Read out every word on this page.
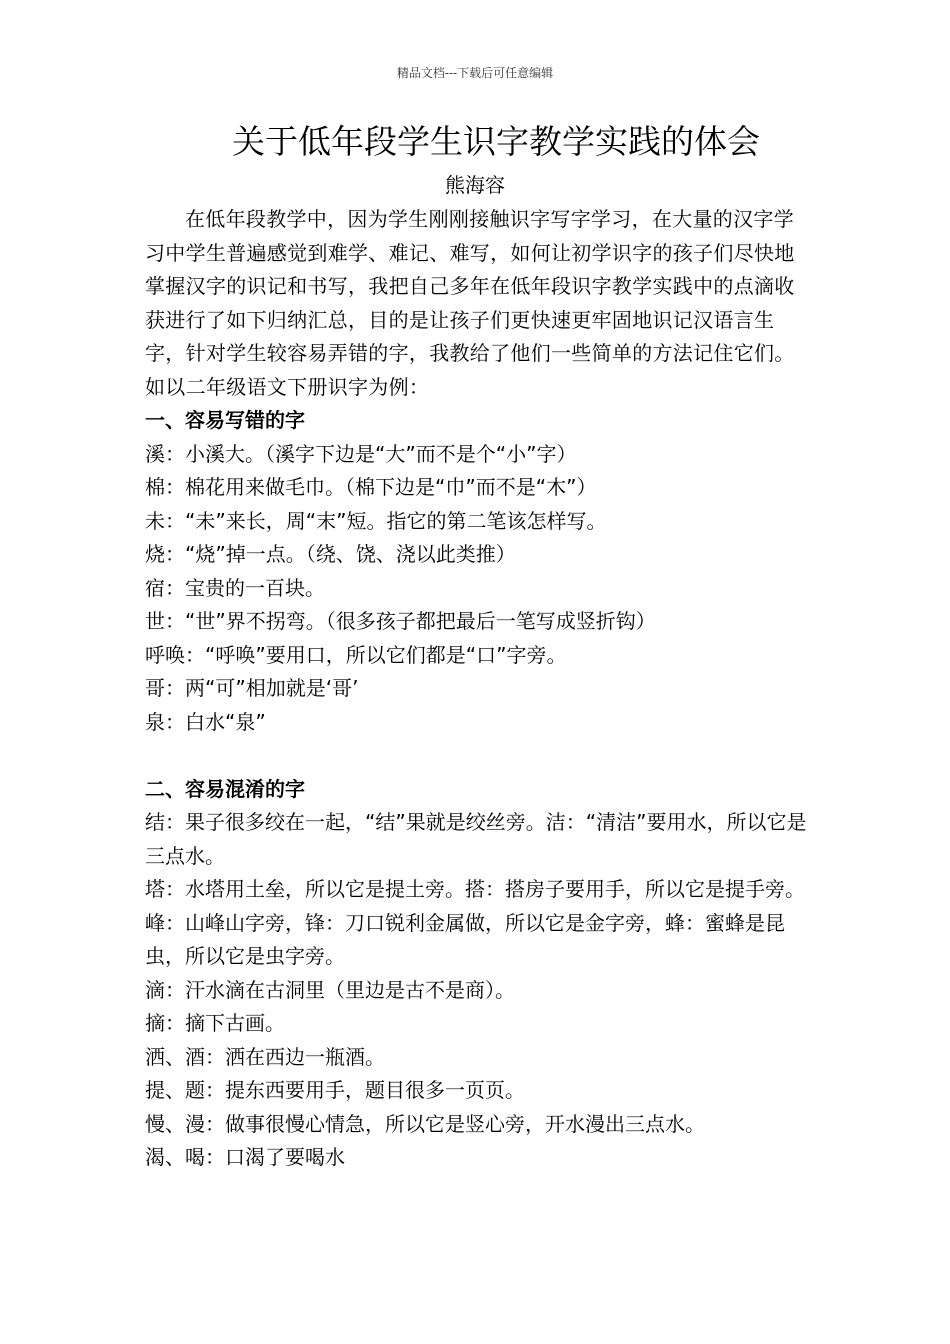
精品文档---下载后可任意编辑
关于低年段学生识字教学实践的体会
熊海容

在低年段教学中，因为学生刚刚接触识字写字学习，在大量的汉字学习中学生普遍感觉到难学、难记、难写，如何让初学识字的孩子们尽快地掌握汉字的识记和书写，我把自己多年在低年段识字教学实践中的点滴收获进行了如下归纳汇总，目的是让孩子们更快速更牢固地识记汉语言生字，针对学生较容易弄错的字，我教给了他们一些简单的方法记住它们。如以二年级语文下册识字为例：

一、容易写错的字

溪：小溪大。（溪字下边是“大”而不是个“小”字）

棉：棉花用来做毛巾。（棉下边是“巾”而不是“木”）

未：“未”来长，周“末”短。指它的第二笔该怎样写。

烧：“烧”掉一点。（绕、饶、浇以此类推）

宿：宝贵的一百块。

世：“世”界不拐弯。（很多孩子都把最后一笔写成竖折钩）

呼唤：“呼唤”要用口，所以它们都是“口”字旁。

哥：两“可”相加就是‘哥’

泉：白水“泉”

二、容易混淆的字

结：果子很多绞在一起，“结”果就是绞丝旁。洁：“清洁”要用水，所以它是三点水。

塔：水塔用土垒，所以它是提土旁。搭：搭房子要用手，所以它是提手旁。

峰：山峰山字旁，锋：刀口锐利金属做，所以它是金字旁，蜂：蜜蜂是昆虫，所以它是虫字旁。

滴：汗水滴在古洞里（里边是古不是商）。

摘：摘下古画。

洒、酒：洒在西边一瓶酒。

提、题：提东西要用手，题目很多一页页。

慢、漫：做事很慢心情急，所以它是竖心旁，开水漫出三点水。

渴、喝：口渴了要喝水
